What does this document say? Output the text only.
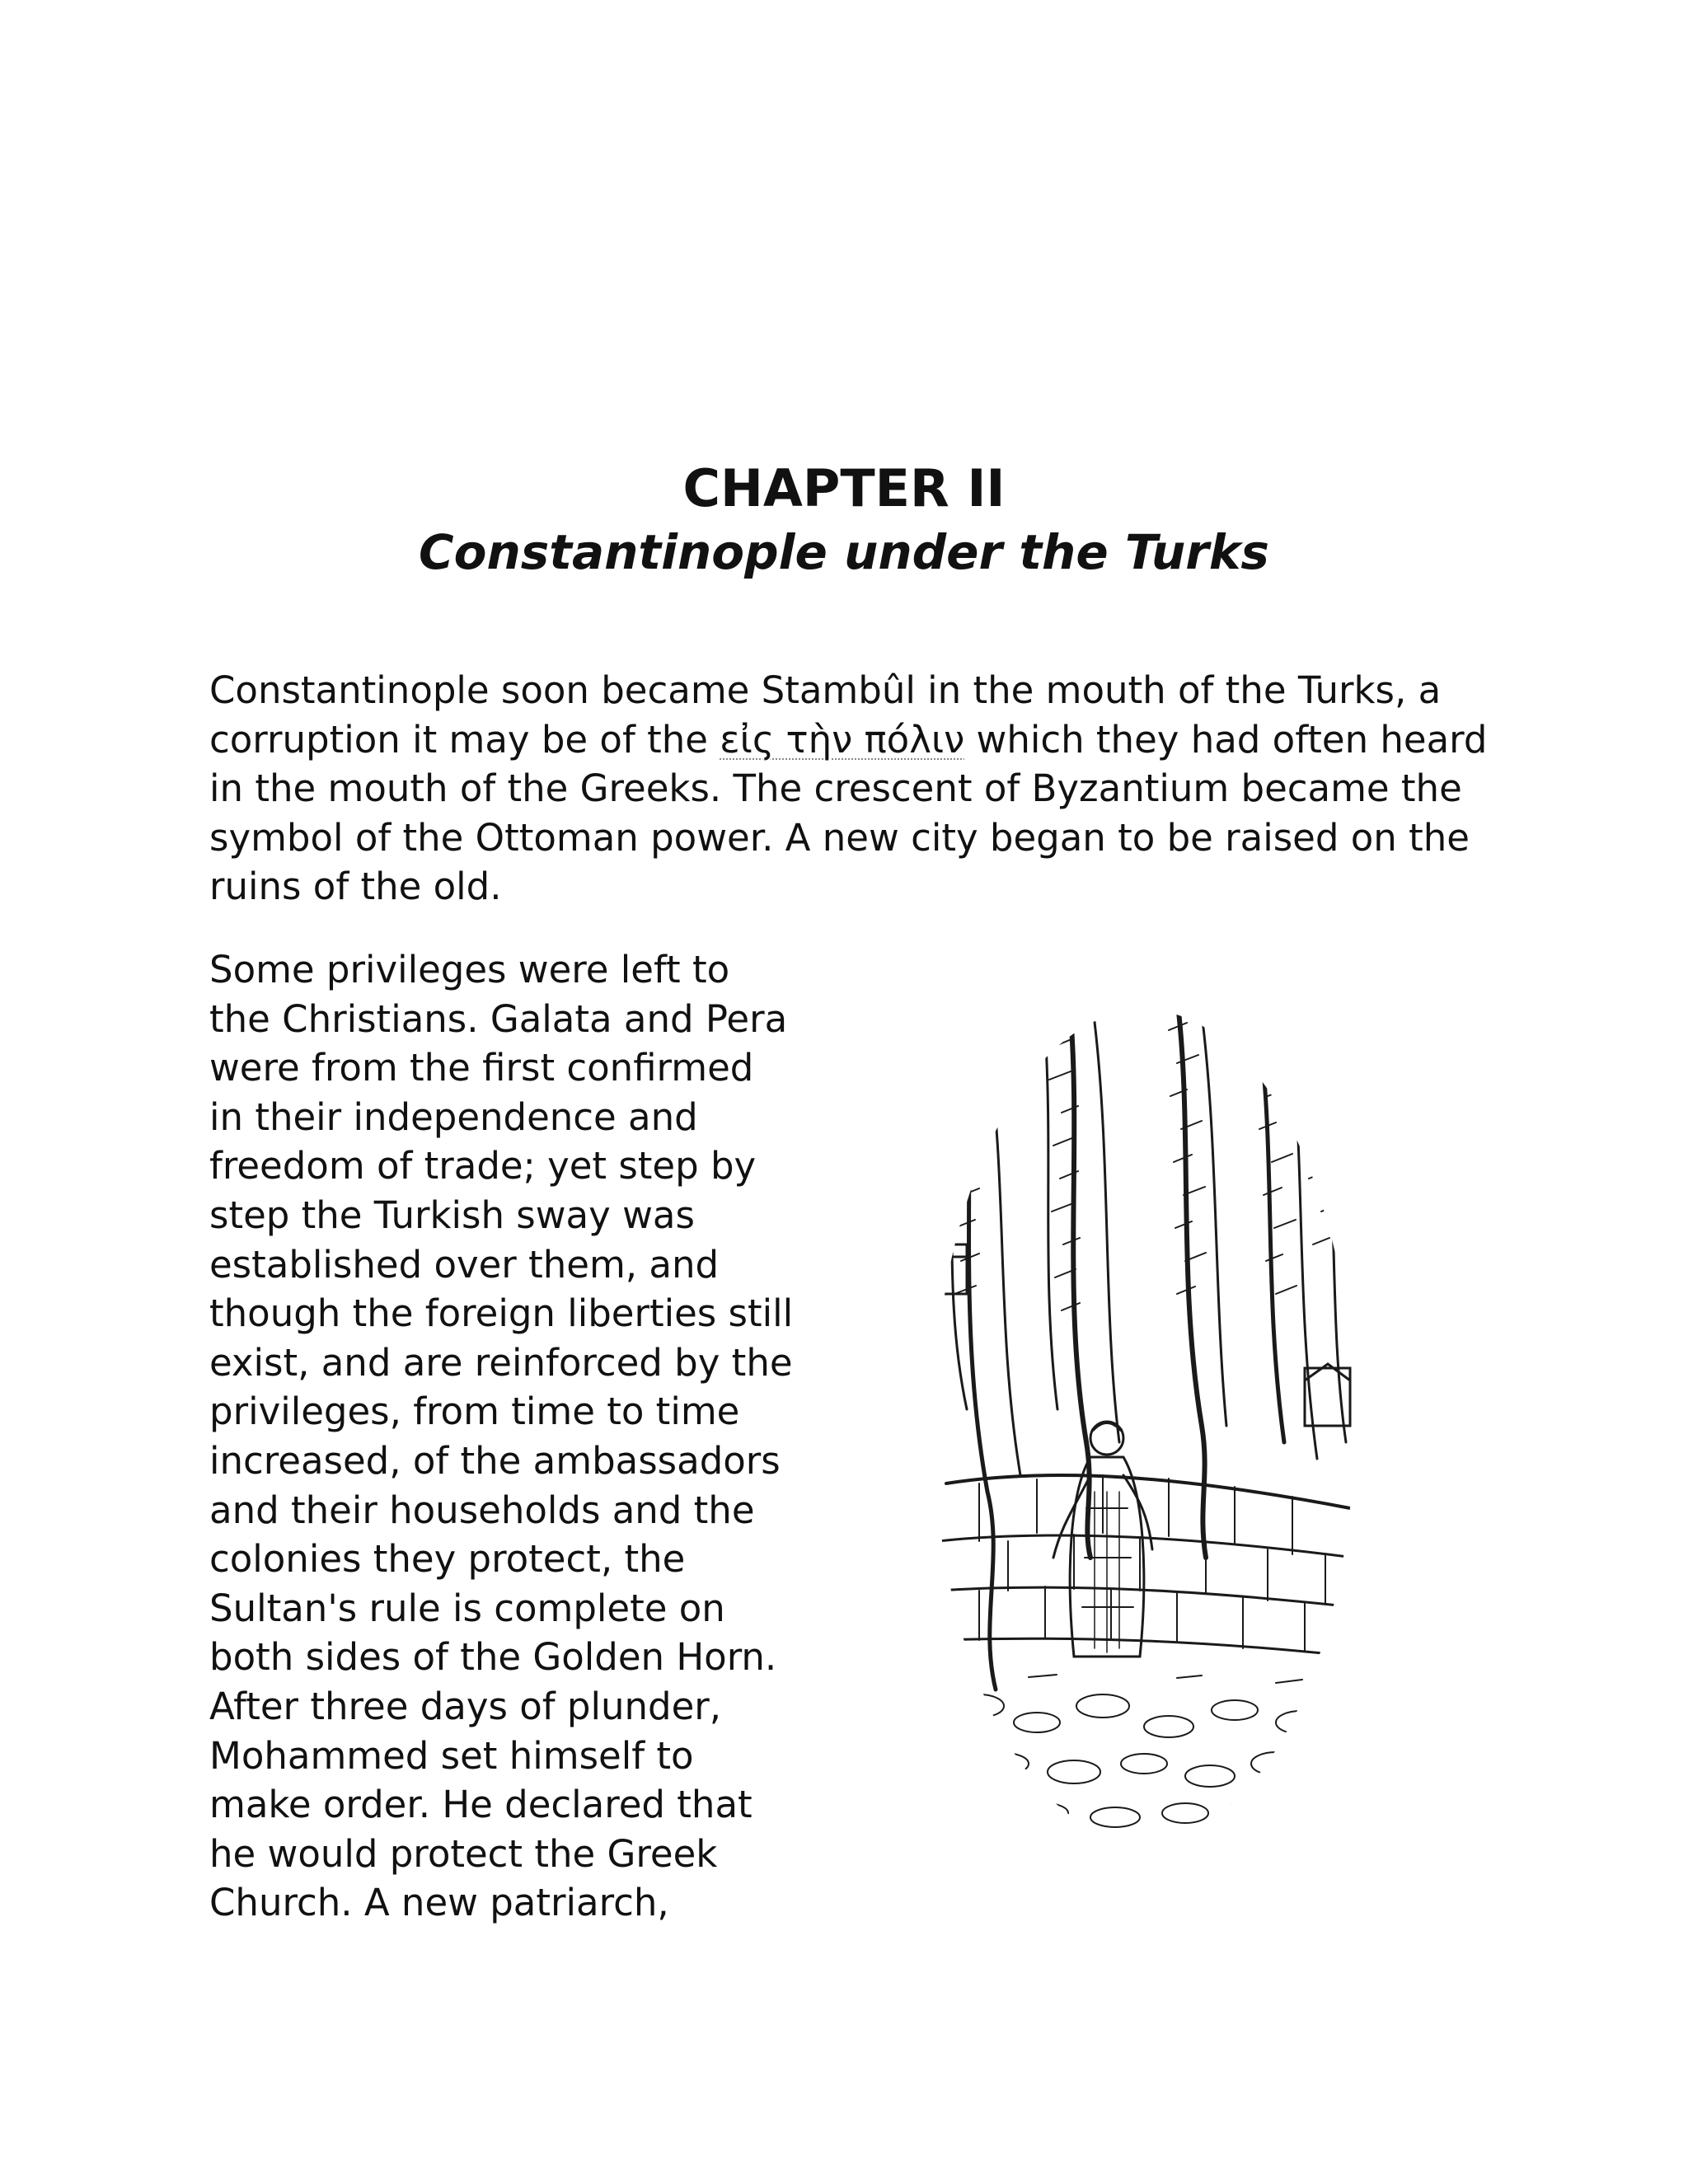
CHAPTER II
Constantinople under the Turks

Constantinople soon became Stambûl in the mouth of the Turks, a
corruption it may be of the εἰς τὴν πόλιν which they had often heard
in the mouth of the Greeks. The crescent of Byzantium became the
symbol of the Ottoman power. A new city began to be raised on the
ruins of the old.

Some privileges were left to
the Christians. Galata and Pera
were from the first confirmed
in their independence and
freedom of trade; yet step by
step the Turkish sway was
established over them, and
though the foreign liberties still
exist, and are reinforced by the
privileges, from time to time
increased, of the ambassadors
and their households and the
colonies they protect, the
Sultan's rule is complete on
both sides of the Golden Horn.
After three days of plunder,
Mohammed set himself to
make order. He declared that
he would protect the Greek
Church. A new patriarch,
